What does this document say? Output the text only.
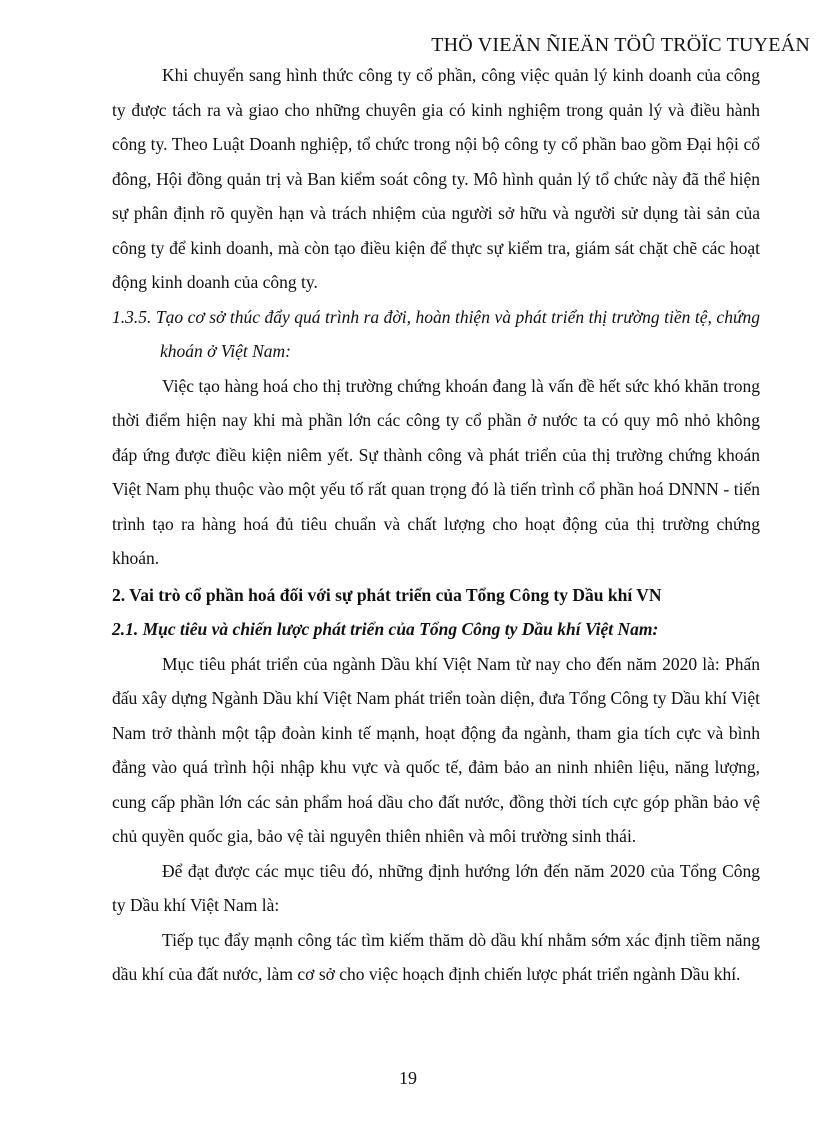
THÖ VIEÄN ÑIEÄN TÖÛ TRÖÏC TUYEÁN

Khi chuyển sang hình thức công ty cổ phần, công việc quản lý kinh doanh của công ty được tách ra và giao cho những chuyên gia có kinh nghiệm trong quản lý và điều hành công ty. Theo Luật Doanh nghiệp, tổ chức trong nội bộ công ty cổ phần bao gồm Đại hội cổ đông, Hội đồng quản trị và Ban kiểm soát công ty. Mô hình quản lý tổ chức này đã thể hiện sự phân định rõ quyền hạn và trách nhiệm của người sở hữu và người sử dụng tài sản của công ty để kinh doanh, mà còn tạo điều kiện để thực sự kiểm tra, giám sát chặt chẽ các hoạt động kinh doanh của công ty.

1.3.5. Tạo cơ sở thúc đẩy quá trình ra đời, hoàn thiện và phát triển thị trường tiền tệ, chứng khoán ở Việt Nam:

Việc tạo hàng hoá cho thị trường chứng khoán đang là vấn đề hết sức khó khăn trong thời điểm hiện nay khi mà phần lớn các công ty cổ phần ở nước ta có quy mô nhỏ không đáp ứng được điều kiện niêm yết. Sự thành công và phát triển của thị trường chứng khoán Việt Nam phụ thuộc vào một yếu tố rất quan trọng đó là tiến trình cổ phần hoá DNNN - tiến trình tạo ra hàng hoá đủ tiêu chuẩn và chất lượng cho hoạt động của thị trường chứng khoán.

2. Vai trò cổ phần hoá đối với sự phát triển của Tổng Công ty Dầu khí VN

2.1. Mục tiêu và chiến lược phát triển của Tổng Công ty Dầu khí Việt Nam:

Mục tiêu phát triển của ngành Dầu khí Việt Nam từ nay cho đến năm 2020 là: Phấn đấu xây dựng Ngành Dầu khí Việt Nam phát triển toàn diện, đưa Tổng Công ty Dầu khí Việt Nam trở thành một tập đoàn kinh tế mạnh, hoạt động đa ngành, tham gia tích cực và bình đẳng vào quá trình hội nhập khu vực và quốc tế, đảm bảo an ninh nhiên liệu, năng lượng, cung cấp phần lớn các sản phẩm hoá dầu cho đất nước, đồng thời tích cực góp phần bảo vệ chủ quyền quốc gia, bảo vệ tài nguyên thiên nhiên và môi trường sinh thái.

Để đạt được các mục tiêu đó, những định hướng lớn đến năm 2020 của Tổng Công ty Dầu khí Việt Nam là:

Tiếp tục đẩy mạnh công tác tìm kiếm thăm dò dầu khí nhằm sớm xác định tiềm năng dầu khí của đất nước, làm cơ sở cho việc hoạch định chiến lược phát triển ngành Dầu khí.

19
